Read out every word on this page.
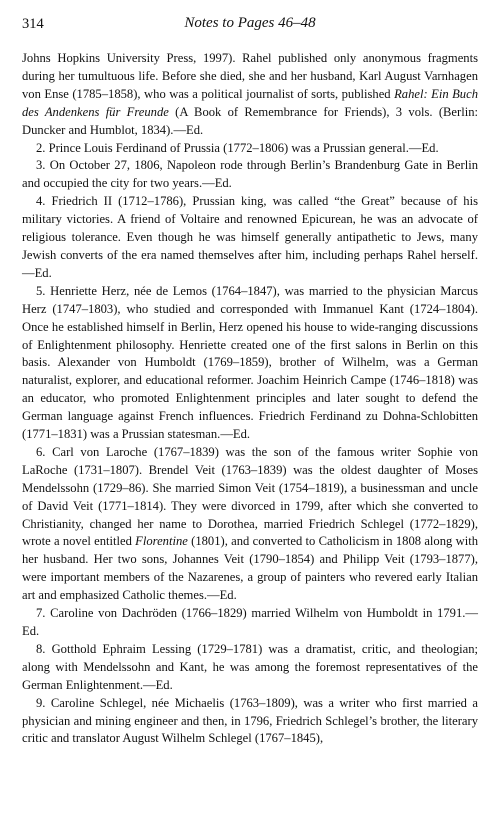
314	Notes to Pages 46–48

Johns Hopkins University Press, 1997). Rahel published only anonymous fragments during her tumultuous life. Before she died, she and her husband, Karl August Varnhagen von Ense (1785–1858), who was a political journalist of sorts, published Rahel: Ein Buch des Andenkens für Freunde (A Book of Remembrance for Friends), 3 vols. (Berlin: Duncker and Humblot, 1834).—Ed.

2. Prince Louis Ferdinand of Prussia (1772–1806) was a Prussian general.—Ed.

3. On October 27, 1806, Napoleon rode through Berlin’s Brandenburg Gate in Berlin and occupied the city for two years.—Ed.

4. Friedrich II (1712–1786), Prussian king, was called “the Great” because of his military victories. A friend of Voltaire and renowned Epicurean, he was an advocate of religious tolerance. Even though he was himself generally antipathetic to Jews, many Jewish converts of the era named themselves after him, including perhaps Rahel herself.—Ed.

5. Henriette Herz, née de Lemos (1764–1847), was married to the physician Marcus Herz (1747–1803), who studied and corresponded with Immanuel Kant (1724–1804). Once he established himself in Berlin, Herz opened his house to wide-ranging discussions of Enlightenment philosophy. Henriette created one of the first salons in Berlin on this basis. Alexander von Humboldt (1769–1859), brother of Wilhelm, was a German naturalist, explorer, and educational reformer. Joachim Heinrich Campe (1746–1818) was an educator, who promoted Enlightenment principles and later sought to defend the German language against French influences. Friedrich Ferdinand zu Dohna-Schlobitten (1771–1831) was a Prussian statesman.—Ed.

6. Carl von Laroche (1767–1839) was the son of the famous writer Sophie von LaRoche (1731–1807). Brendel Veit (1763–1839) was the oldest daughter of Moses Mendelssohn (1729–86). She married Simon Veit (1754–1819), a businessman and uncle of David Veit (1771–1814). They were divorced in 1799, after which she converted to Christianity, changed her name to Dorothea, married Friedrich Schlegel (1772–1829), wrote a novel entitled Florentine (1801), and converted to Catholicism in 1808 along with her husband. Her two sons, Johannes Veit (1790–1854) and Philipp Veit (1793–1877), were important members of the Nazarenes, a group of painters who revered early Italian art and emphasized Catholic themes.—Ed.

7. Caroline von Dachröden (1766–1829) married Wilhelm von Humboldt in 1791.—Ed.

8. Gotthold Ephraim Lessing (1729–1781) was a dramatist, critic, and theologian; along with Mendelssohn and Kant, he was among the foremost representatives of the German Enlightenment.—Ed.

9. Caroline Schlegel, née Michaelis (1763–1809), was a writer who first married a physician and mining engineer and then, in 1796, Friedrich Schlegel’s brother, the literary critic and translator August Wilhelm Schlegel (1767–1845),
